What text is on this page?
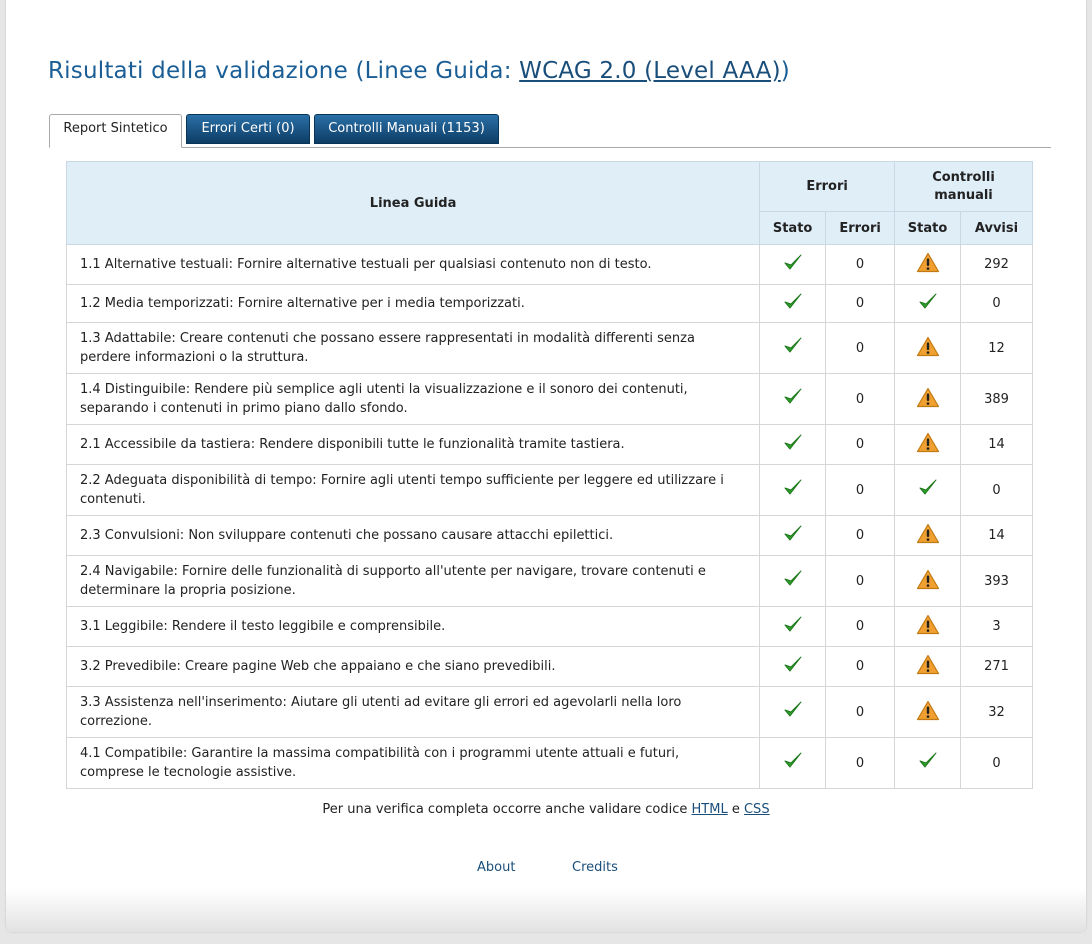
Risultati della validazione (Linee Guida: WCAG 2.0 (Level AAA))
Report Sintetico	Errori Certi (0)	Controlli Manuali (1153)
Linea Guida	Errori		Controlli manuali	
	Stato	Errori	Stato	Avvisi
1.1 Alternative testuali: Fornire alternative testuali per qualsiasi contenuto non di testo.		0		292
1.2 Media temporizzati: Fornire alternative per i media temporizzati.		0		0
1.3 Adattabile: Creare contenuti che possano essere rappresentati in modalità differenti senza perdere informazioni o la struttura.		0		12
1.4 Distinguibile: Rendere più semplice agli utenti la visualizzazione e il sonoro dei contenuti, separando i contenuti in primo piano dallo sfondo.		0		389
2.1 Accessibile da tastiera: Rendere disponibili tutte le funzionalità tramite tastiera.		0		14
2.2 Adeguata disponibilità di tempo: Fornire agli utenti tempo sufficiente per leggere ed utilizzare i contenuti.		0		0
2.3 Convulsioni: Non sviluppare contenuti che possano causare attacchi epilettici.		0		14
2.4 Navigabile: Fornire delle funzionalità di supporto all'utente per navigare, trovare contenuti e determinare la propria posizione.		0		393
3.1 Leggibile: Rendere il testo leggibile e comprensibile.		0		3
3.2 Prevedibile: Creare pagine Web che appaiano e che siano prevedibili.		0		271
3.3 Assistenza nell'inserimento: Aiutare gli utenti ad evitare gli errori ed agevolarli nella loro correzione.		0		32
4.1 Compatibile: Garantire la massima compatibilità con i programmi utente attuali e futuri, comprese le tecnologie assistive.		0		0
Per una verifica completa occorre anche validare codice HTML e CSS
About	Credits
